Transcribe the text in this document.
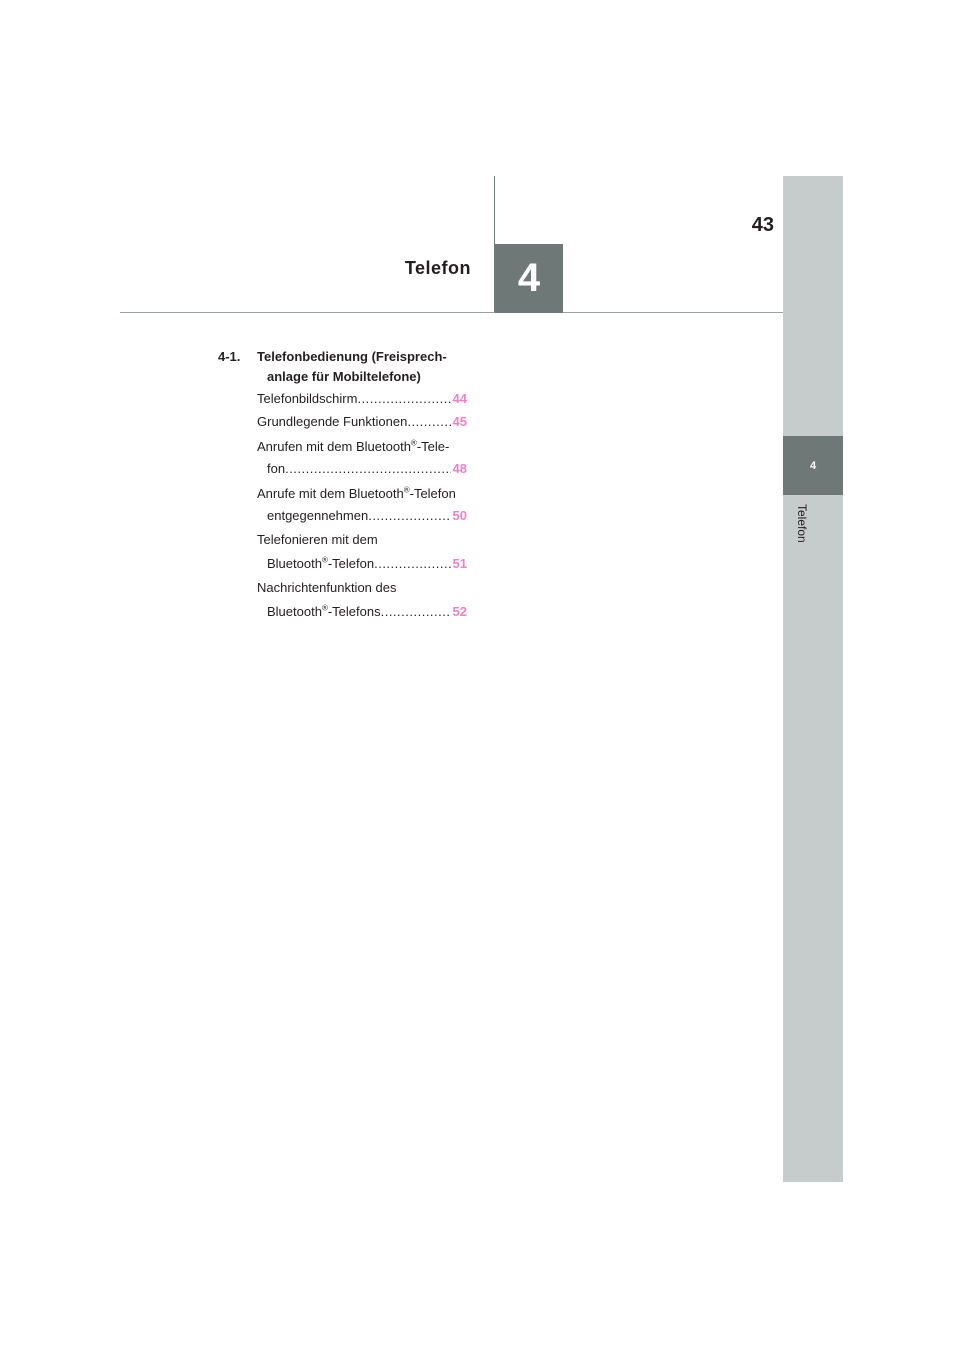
4
Telefon
43
4
Telefon
4-1. Telefonbedienung (Freisprech-
anlage für Mobiltelefone)
Telefonbildschirm .....	44
Grundlegende Funktionen .....	45
Anrufen mit dem Bluetooth®-Tele-
fon .....	48
Anrufe mit dem Bluetooth®-Telefon
entgegennehmen .....	50
Telefonieren mit dem
Bluetooth®-Telefon .....	51
Nachrichtenfunktion des
Bluetooth®-Telefons .....	52
